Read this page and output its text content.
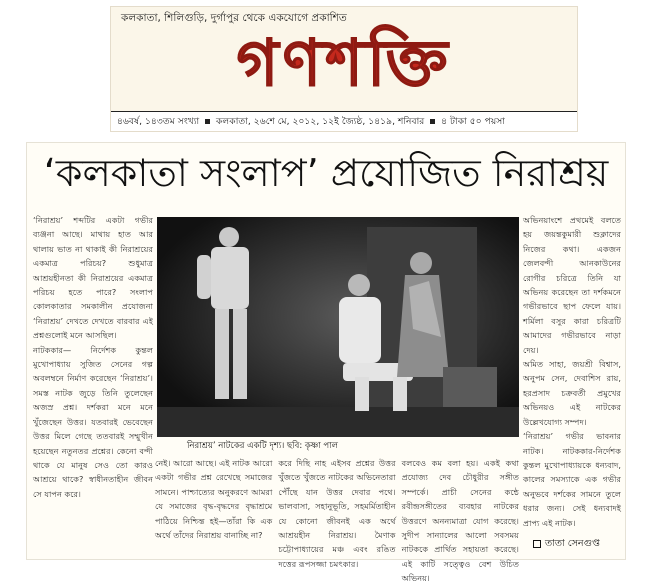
কলকাতা, শিলিগুড়ি, দুর্গাপুর থেকে একযোগে প্রকাশিত
গণশক্তি
৪৬বর্ষ, ১৪৩তম সংখ্যা কলকাতা, ২৬শে মে, ২০১২, ১২ই জ্যৈষ্ঠ, ১৪১৯, শনিবার ৪ টাকা ৫০ পয়সা
‘কলকাতা সংলাপ’ প্রযোজিত নিরাশ্রয়

‘নিরাশ্রয়’ শব্দটির একটা গভীর ব্যঞ্জনা আছে। মাথায় হাত আর থালায় ভাত না থাকাই কী নিরাশ্রয়ের একমাত্র পরিচয়? শুধুমাত্র আশ্রয়হীনতা কী নিরাশ্রয়ের একমাত্র পরিচয় হতে পারে? সংলাপ কোলকাতার সমকালীন প্রযোজনা ‘নিরাশ্রয়’ দেখতে দেখতে বারবার এই প্রশ্নগুলোই মনে আসছিল।

নাটককার— নির্দেশক কুন্তল মুখোপাধ্যায় সুজিত সেনের গল্প অবলম্বনে নির্মাণ করেছেন ‘নিরাশ্রয়’। সমস্ত নাটক জুড়ে তিনি তুলেছেন অজস্র প্রশ্ন। দর্শকরা মনে মনে খুঁজেছেন উত্তর। যতবারই ভেবেছেন উত্তর মিলে গেছে ততবারই সম্মুখীন হয়েছেন নতুনতর প্রশ্নের। কেনো বন্দী থাকে যে মানুষ সেও তো কারও আশ্রয়ে থাকে? স্বাধীনতাহীন জীবন সে যাপন করে।

নিরাশ্রয়’ নাটকের একটি দৃশ্য। ছবি: কৃষ্ণা পাল
নেই। আরো আছে। এই নাটক আরো একটা গভীর প্রশ্ন রেখেছে সমাজের সামনে। পাশ্চাত্যের অনুকরণে আমরা যে সমাজের বৃদ্ধ-বৃদ্ধদের বৃদ্ধাশ্রমে পাঠিয়ে নিশ্চিন্ত হই—তাঁরা কি এক অর্থে তাঁদের নিরাশ্রয় বানাচ্ছি না?
করে দিছি নাহ এইসব প্রশ্নের উত্তর খুঁজতে খুঁজতে নাটকের অভিনেতারা পৌঁছে যান উত্তর দেবার পথে। ভালবাসা, সহানুভূতি, সহমর্মিতাহীন যে কোনো জীবনই এক অর্থে আশ্রয়হীন নিরাশ্রয়। মৈণাক চট্টোপাধ্যায়ের মঞ্চ এবং রঙিত দত্তের রূপসজ্জা চমৎকার।
বলবেও কম বলা হয়। একই কথা প্রযোজ্য দেব চৌধুরীর সঙ্গীত সম্পর্কে। প্রাচী সেনের কন্ঠে রবীন্দ্রসঙ্গীতের ব্যবহার নাটকের উত্তরণে অনন্যমাত্রা যোগ করেছে। সুদীপ সান্যালের আলো সবসময় নাটককে প্রার্থিত সহায়তা করেছে। এই কাটি সত্ত্বেও বেশ উচিত অভিনয়।

অভিনয়াংশে প্রথমেই বলতে হয় জয়ন্তকুমারী শুক্লাদের নিজের কথা। একজন জেলবন্দী আনকাউনের রোগীর চরিত্রে তিনি যা অভিনয় করেছেন তা দর্শকমনে গভীরভাবে ছাপ ফেলে যায়। শর্মিলা বসুর কারা চরিত্রটি আমাদের গভীরভাবে নাড়া দেয়।

অমিত সাহা, জয়শ্রী বিশ্বাস, অনুপম সেন, দেবাশিস রায়, হরপ্রসাদ চক্রবর্তী প্রমুখের অভিনয়ও এই নাটকের উল্লেখযোগ্য সম্পদ।

‘নিরাশ্রয়’ গভীর ভাবনার নাটক। নাটককার-নির্দেশক কুন্তল মুখোপাধ্যায়কে ধন্যবাদ, কালের সমস্যাকে এক গভীর অনুভবে দর্শকের সামনে তুলে ধরার জন্য। সেই ধন্যবাদই প্রাপ্য এই নাটক।

তাতা সেনগুপ্ত
